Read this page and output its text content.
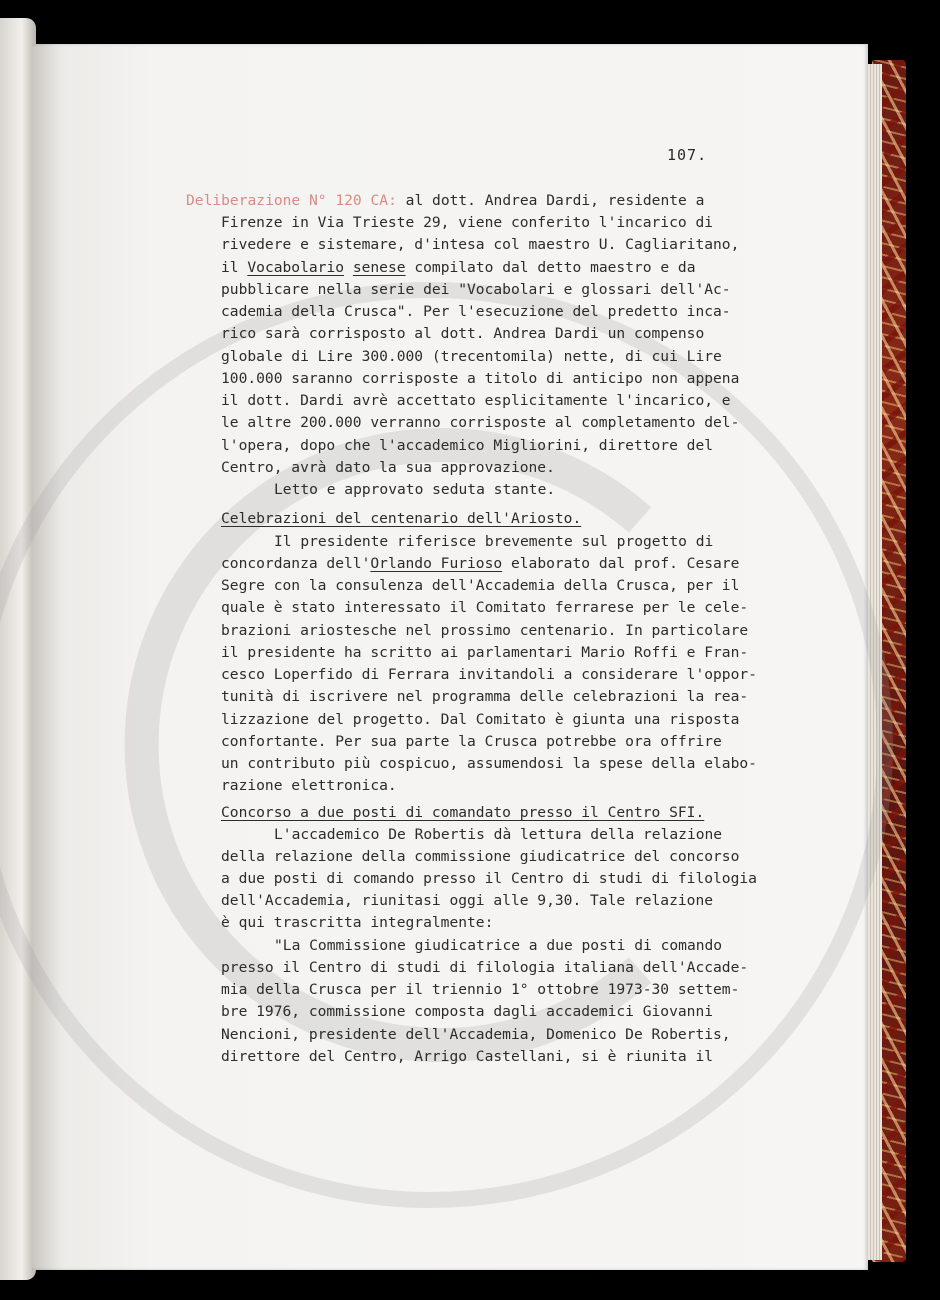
107.
Deliberazione N° 120 CA: al dott. Andrea Dardi, residente a
Firenze in Via Trieste 29, viene conferito l'incarico di
rivedere e sistemare, d'intesa col maestro U. Cagliaritano,
il Vocabolario senese compilato dal detto maestro e da
pubblicare nella serie dei "Vocabolari e glossari dell'Ac-
cademia della Crusca". Per l'esecuzione del predetto inca-
rico sarà corrisposto al dott. Andrea Dardi un compenso
globale di Lire 300.000 (trecentomila) nette, di cui Lire
100.000 saranno corrisposte a titolo di anticipo non appena
il dott. Dardi avrè accettato esplicitamente l'incarico, e
le altre 200.000 verranno corrisposte al completamento del-
l'opera, dopo che l'accademico Migliorini, direttore del
Centro, avrà dato la sua approvazione.
Letto e approvato seduta stante.
Celebrazioni del centenario dell'Ariosto.
Il presidente riferisce brevemente sul progetto di
concordanza dell'Orlando Furioso elaborato dal prof. Cesare
Segre con la consulenza dell'Accademia della Crusca, per il
quale è stato interessato il Comitato ferrarese per le cele-
brazioni ariostesche nel prossimo centenario. In particolare
il presidente ha scritto ai parlamentari Mario Roffi e Fran-
cesco Loperfido di Ferrara invitandoli a considerare l'oppor-
tunità di iscrivere nel programma delle celebrazioni la rea-
lizzazione del progetto. Dal Comitato è giunta una risposta
confortante. Per sua parte la Crusca potrebbe ora offrire
un contributo più cospicuo, assumendosi la spese della elabo-
razione elettronica.
Concorso a due posti di comandato presso il Centro SFI.
L'accademico De Robertis dà lettura della relazione
della relazione della commissione giudicatrice del concorso
a due posti di comando presso il Centro di studi di filologia
dell'Accademia, riunitasi oggi alle 9,30. Tale relazione
è qui trascritta integralmente:
"La Commissione giudicatrice a due posti di comando
presso il Centro di studi di filologia italiana dell'Accade-
mia della Crusca per il triennio 1° ottobre 1973-30 settem-
bre 1976, commissione composta dagli accademici Giovanni
Nencioni, presidente dell'Accademia, Domenico De Robertis,
direttore del Centro, Arrigo Castellani, si è riunita il
